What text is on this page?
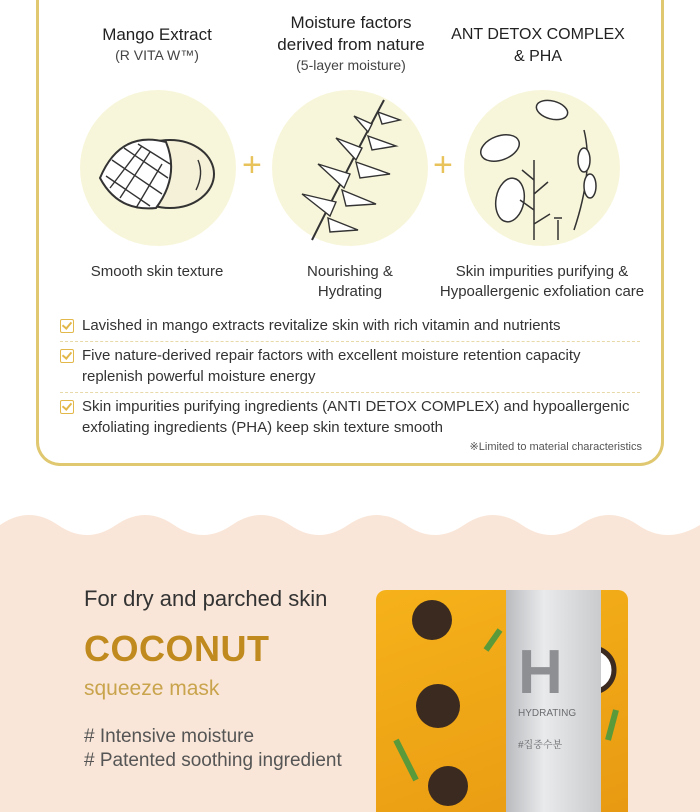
Mango Extract
(R VITA W™)
Moisture factors
derived from nature
(5-layer moisture)
ANT DETOX COMPLEX
& PHA
+	+
Smooth skin texture	Nourishing &
Hydrating
Skin impurities purifying &
Hypoallergenic exfoliation care
Lavished in mango extracts revitalize skin with rich vitamin and nutrients
Five nature-derived repair factors with excellent moisture retention capacity
replenish powerful moisture energy
Skin impurities purifying ingredients (ANTI DETOX COMPLEX) and hypoallergenic
exfoliating ingredients (PHA) keep skin texture smooth
※Limited to material characteristics
For dry and parched skin
COCONUT
squeeze mask
# Intensive moisture
# Patented soothing ingredient
H
HYDRATING
#집중수분
